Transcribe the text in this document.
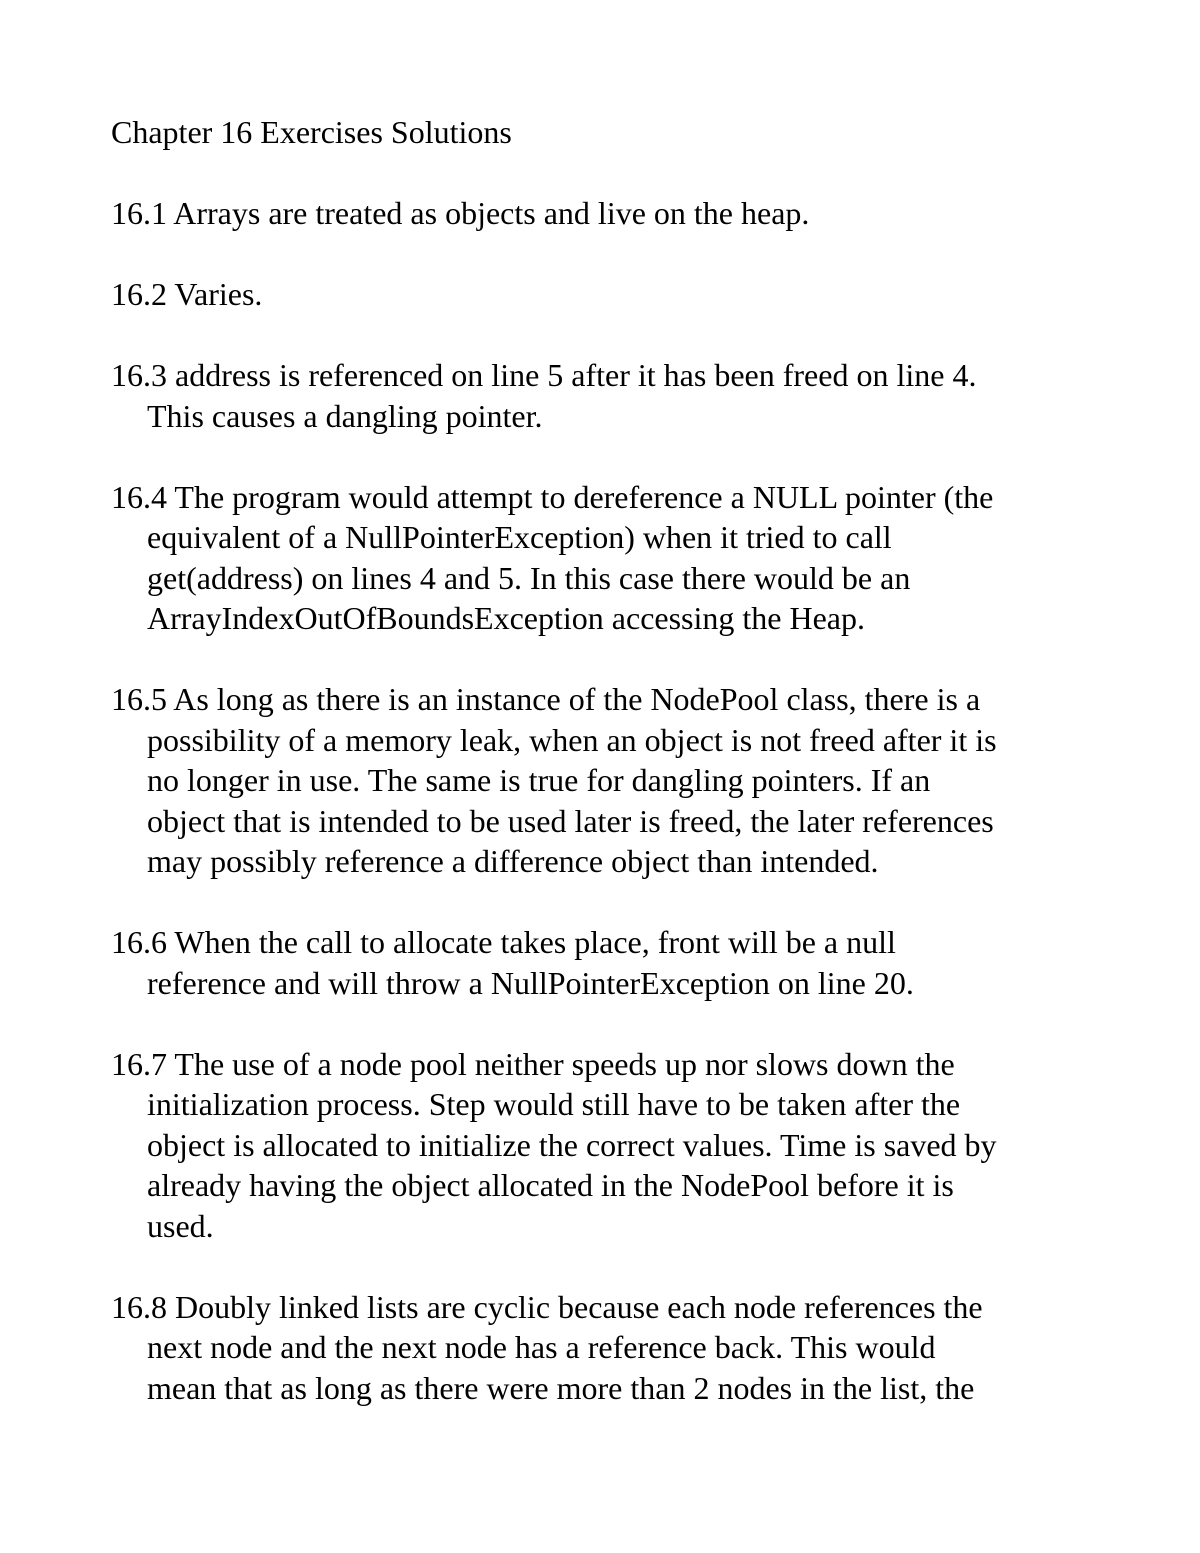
Chapter 16 Exercises Solutions
16.1 Arrays are treated as objects and live on the heap.
16.2 Varies.
16.3 address is referenced on line 5 after it has been freed on line 4.
This causes a dangling pointer.
16.4 The program would attempt to dereference a NULL pointer (the
equivalent of a NullPointerException) when it tried to call
get(address) on lines 4 and 5. In this case there would be an
ArrayIndexOutOfBoundsException accessing the Heap.
16.5 As long as there is an instance of the NodePool class, there is a
possibility of a memory leak, when an object is not freed after it is
no longer in use. The same is true for dangling pointers. If an
object that is intended to be used later is freed, the later references
may possibly reference a difference object than intended.
16.6 When the call to allocate takes place, front will be a null
reference and will throw a NullPointerException on line 20.
16.7 The use of a node pool neither speeds up nor slows down the
initialization process. Step would still have to be taken after the
object is allocated to initialize the correct values. Time is saved by
already having the object allocated in the NodePool before it is
used.
16.8 Doubly linked lists are cyclic because each node references the
next node and the next node has a reference back. This would
mean that as long as there were more than 2 nodes in the list, the
